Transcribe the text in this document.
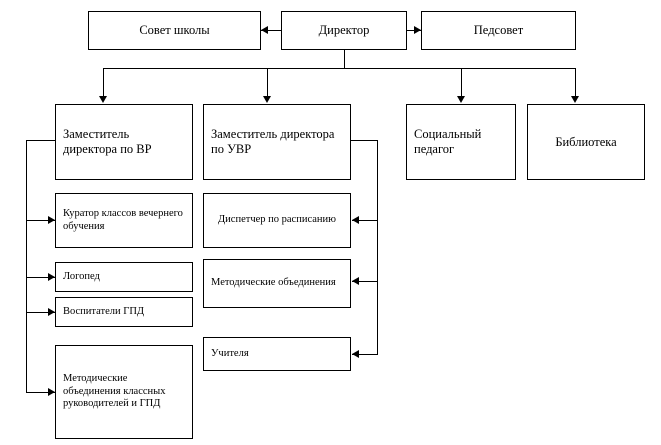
Совет школы	Директор	Педсовет
Заместитель директора по ВР
Заместитель директора по УВР
Социальный педагог
Библиотека
Куратор классов вечернего обучения
Логопед
Воспитатели ГПД
Методические объединения классных руководителей и ГПД
Диспетчер по расписанию
Методические объединения
Учителя
